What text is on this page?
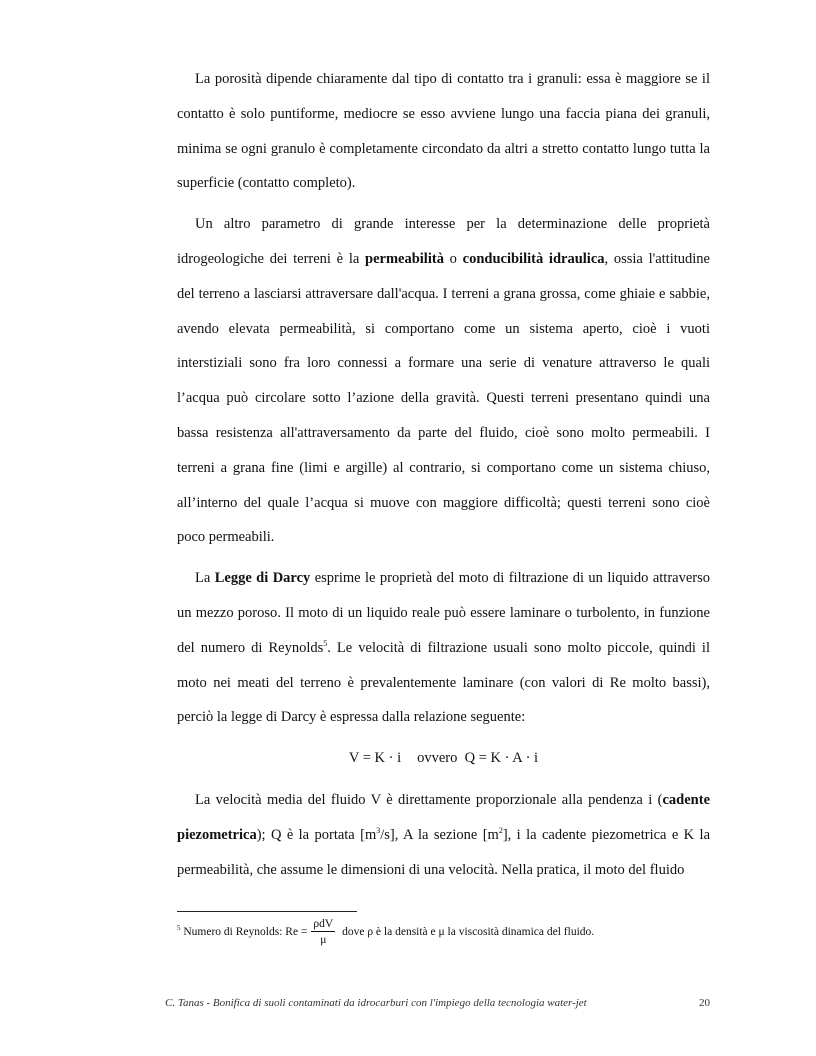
La porosità dipende chiaramente dal tipo di contatto tra i granuli: essa è maggiore se il contatto è solo puntiforme, mediocre se esso avviene lungo una faccia piana dei granuli, minima se ogni granulo è completamente circondato da altri a stretto contatto lungo tutta la superficie (contatto completo).

Un altro parametro di grande interesse per la determinazione delle proprietà idrogeologiche dei terreni è la permeabilità o conducibilità idraulica, ossia l'attitudine del terreno a lasciarsi attraversare dall'acqua. I terreni a grana grossa, come ghiaie e sabbie, avendo elevata permeabilità, si comportano come un sistema aperto, cioè i vuoti interstiziali sono fra loro connessi a formare una serie di venature attraverso le quali l’acqua può circolare sotto l’azione della gravità. Questi terreni presentano quindi una bassa resistenza all'attraversamento da parte del fluido, cioè sono molto permeabili. I terreni a grana fine (limi e argille) al contrario, si comportano come un sistema chiuso, all’interno del quale l’acqua si muove con maggiore difficoltà; questi terreni sono cioè poco permeabili.

La Legge di Darcy esprime le proprietà del moto di filtrazione di un liquido attraverso un mezzo poroso. Il moto di un liquido reale può essere laminare o turbolento, in funzione del numero di Reynolds$^5$. Le velocità di filtrazione usuali sono molto piccole, quindi il moto nei meati del terreno è prevalentemente laminare (con valori di Re molto bassi), perciò la legge di Darcy è espressa dalla relazione seguente:

V = K · i ovvero Q = K · A · i

La velocità media del fluido V è direttamente proporzionale alla pendenza i (cadente piezometrica); Q è la portata $[m^3/s]$, A la sezione $[m^2]$, i la cadente piezometrica e K la permeabilità, che assume le dimensioni di una velocità. Nella pratica, il moto del fluido

$^5$ Numero di Reynolds: $Re = \frac{\text{ρdV}}{\mu}$ dove ρ è la densità e μ la viscosità dinamica del fluido.
C. Tanas - Bonifica di suoli contaminati da idrocarburi con l'impiego della tecnologia water-jet	20
